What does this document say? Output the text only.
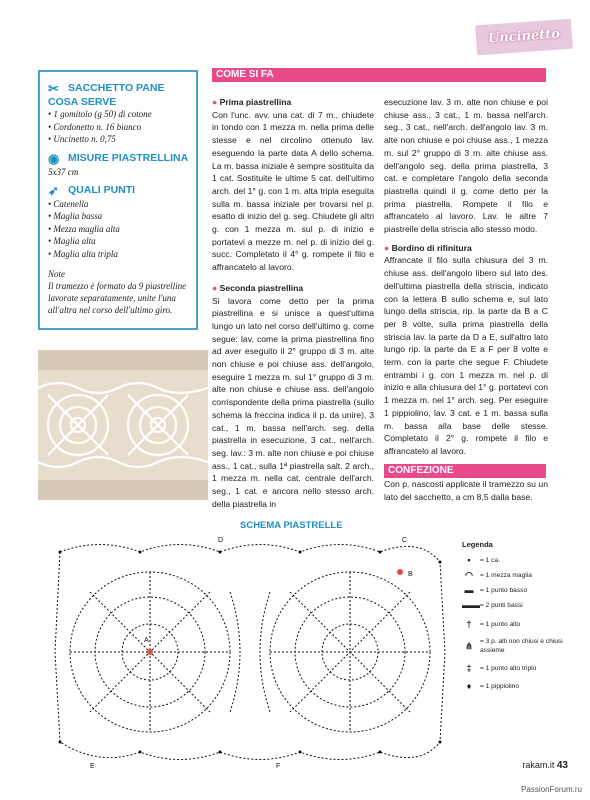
Uncinetto
✂ SACCHETTO PANE
COSA SERVE
• 1 gomitolo (g 50) di cotone
• Cordonetto n. 16 bianco
• Uncinetto n. 0,75
◉ MISURE PIASTRELLINA
5x37 cm
➶ QUALI PUNTI
• Catenella
• Maglia bassa
• Mezza maglia alta
• Maglia alta
• Maglia alta tripla
Note
Il tramezzo è formato da 9 piastrelline lavorate separatamente, unite l'una all'altra nel corso dell'ultimo giro.
COME SI FA

● Prima piastrellina

Con l'unc. avv. una cat. di 7 m., chiudete in tondo con 1 mezza m. nella prima delle stesse e nel circolino ottenuto lav. eseguendo la parte data A dello schema. La m. bassa iniziale è sempre sostituita da 1 cat. Sostituite le ultime 5 cat. dell'ultimo arch. del 1° g. con 1 m. alta tripla eseguita sulla m. bassa iniziale per trovarsi nel p. esatto di inizio del g. seg. Chiudete gli altri g. con 1 mezza m. sul p. di inizio e portatevi a mezze m. nel p. di inizio del g. succ. Completato il 4° g. rompete il filo e affrancatelo al lavoro.

● Seconda piastrellina

Si lavora come detto per la prima piastrellina e si unisce a quest'ultima lungo un lato nel corso dell'ultimo g. come segue: lav. come la prima piastrellina fino ad aver eseguito il 2° gruppo di 3 m. alte non chiuse e poi chiuse ass. dell'angolo, eseguire 1 mezza m. sul 1° gruppo di 3 m. alte non chiuse e chiuse ass. dell'angolo corrispondente della prima piastrella (sullo schema la freccina indica il p. da unire), 3 cat., 1 m. bassa nell'arch. seg. della piastrella in esecuzione, 3 cat., nell'arch. seg. lav.: 3 m. alte non chiuse e poi chiuse ass., 1 cat., sulla 1ª piastrella salt. 2 arch., 1 mezza m. nella cat. centrale dell'arch. seg., 1 cat. e ancora nello stesso arch. della piastrella in

esecuzione lav. 3 m. alte non chiuse e poi chiuse ass., 3 cat., 1 m. bassa nell'arch. seg., 3 cat., nell'arch. dell'angolo lav. 3 m. alte non chiuse e poi chiuse ass., 1 mezza m. sul 2° gruppo di 3 m. alte chiuse ass. dell'angolo seg. della prima piastrella, 3 cat. e completare l'angolo della seconda piastrella quindi il g. come detto per la prima piastrella. Rompete il filo e affrancatelo al lavoro. Lav. le altre 7 piastrelle della striscia allo stesso modo.

● Bordino di rifinitura

Affrancate il filo sulla chiusura del 3 m. chiuse ass. dell'angolo libero sul lato des. dell'ultima piastrella della striscia, indicato con la lettera B sullo schema e, sul lato lungo della striscia, rip. la parte da B a C per 8 volte, sulla prima piastrella della striscia lav. la parte da D a E, sull'altro lato lungo rip. la parte da E a F per 8 volte e term. con la parte che segue F. Chiudete entrambi i g. con 1 mezza m. nel p. di inizio e alla chiusura del 1° g. portatevi con 1 mezza m. nel 1° arch. seg. Per eseguire 1 pippiolino, lav. 3 cat. e 1 m. bassa sulla m. bassa alla base delle stesse. Completato il 2° g. rompete il filo e affrancatelo al lavoro.

CONFEZIONE
Con p. nascosti applicate il tramezzo su un lato del sacchetto, a cm 8,5 dalla base.
SCHEMA PIASTRELLE
D	C
A
B
E	F
Legenda
•	= 1 ca.
◠	= 1 mezza maglia
▬ = 1 punto basso
▬▬ = 2 punti bassi
†	= 1 punto alto
⋔	= 3 p. alti non chiusi e chiusi assieme
‡	= 1 punto alto triplo
♦	= 1 pippiolino
rakam.it 43
PassionForum.ru
